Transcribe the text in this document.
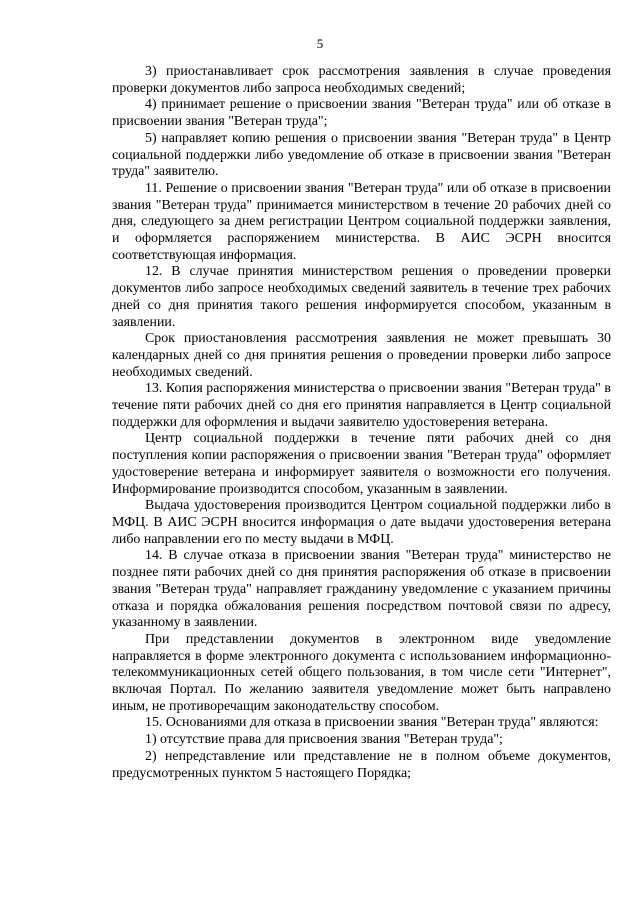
5

3) приостанавливает срок рассмотрения заявления в случае проведения проверки документов либо запроса необходимых сведений;

4) принимает решение о присвоении звания "Ветеран труда" или об отказе в присвоении звания "Ветеран труда";

5) направляет копию решения о присвоении звания "Ветеран труда" в Центр социальной поддержки либо уведомление об отказе в присвоении звания "Ветеран труда" заявителю.

11. Решение о присвоении звания "Ветеран труда" или об отказе в присвоении звания "Ветеран труда" принимается министерством в течение 20 рабочих дней со дня, следующего за днем регистрации Центром социальной поддержки заявления, и оформляется распоряжением министерства. В АИС ЭСРН вносится соответствующая информация.

12. В случае принятия министерством решения о проведении проверки документов либо запросе необходимых сведений заявитель в течение трех рабочих дней со дня принятия такого решения информируется способом, указанным в заявлении.

Срок приостановления рассмотрения заявления не может превышать 30 календарных дней со дня принятия решения о проведении проверки либо запросе необходимых сведений.

13. Копия распоряжения министерства о присвоении звания "Ветеран труда" в течение пяти рабочих дней со дня его принятия направляется в Центр социальной поддержки для оформления и выдачи заявителю удостоверения ветерана.

Центр социальной поддержки в течение пяти рабочих дней со дня поступления копии распоряжения о присвоении звания "Ветеран труда" оформляет удостоверение ветерана и информирует заявителя о возможности его получения. Информирование производится способом, указанным в заявлении.

Выдача удостоверения производится Центром социальной поддержки либо в МФЦ. В АИС ЭСРН вносится информация о дате выдачи удостоверения ветерана либо направлении его по месту выдачи в МФЦ.

14. В случае отказа в присвоении звания "Ветеран труда" министерство не позднее пяти рабочих дней со дня принятия распоряжения об отказе в присвоении звания "Ветеран труда" направляет гражданину уведомление с указанием причины отказа и порядка обжалования решения посредством почтовой связи по адресу, указанному в заявлении.

При представлении документов в электронном виде уведомление направляется в форме электронного документа с использованием информационно-телекоммуникационных сетей общего пользования, в том числе сети "Интернет", включая Портал. По желанию заявителя уведомление может быть направлено иным, не противоречащим законодательству способом.

15. Основаниями для отказа в присвоении звания "Ветеран труда" являются:

1) отсутствие права для присвоения звания "Ветеран труда";

2) непредставление или представление не в полном объеме документов, предусмотренных пунктом 5 настоящего Порядка;
